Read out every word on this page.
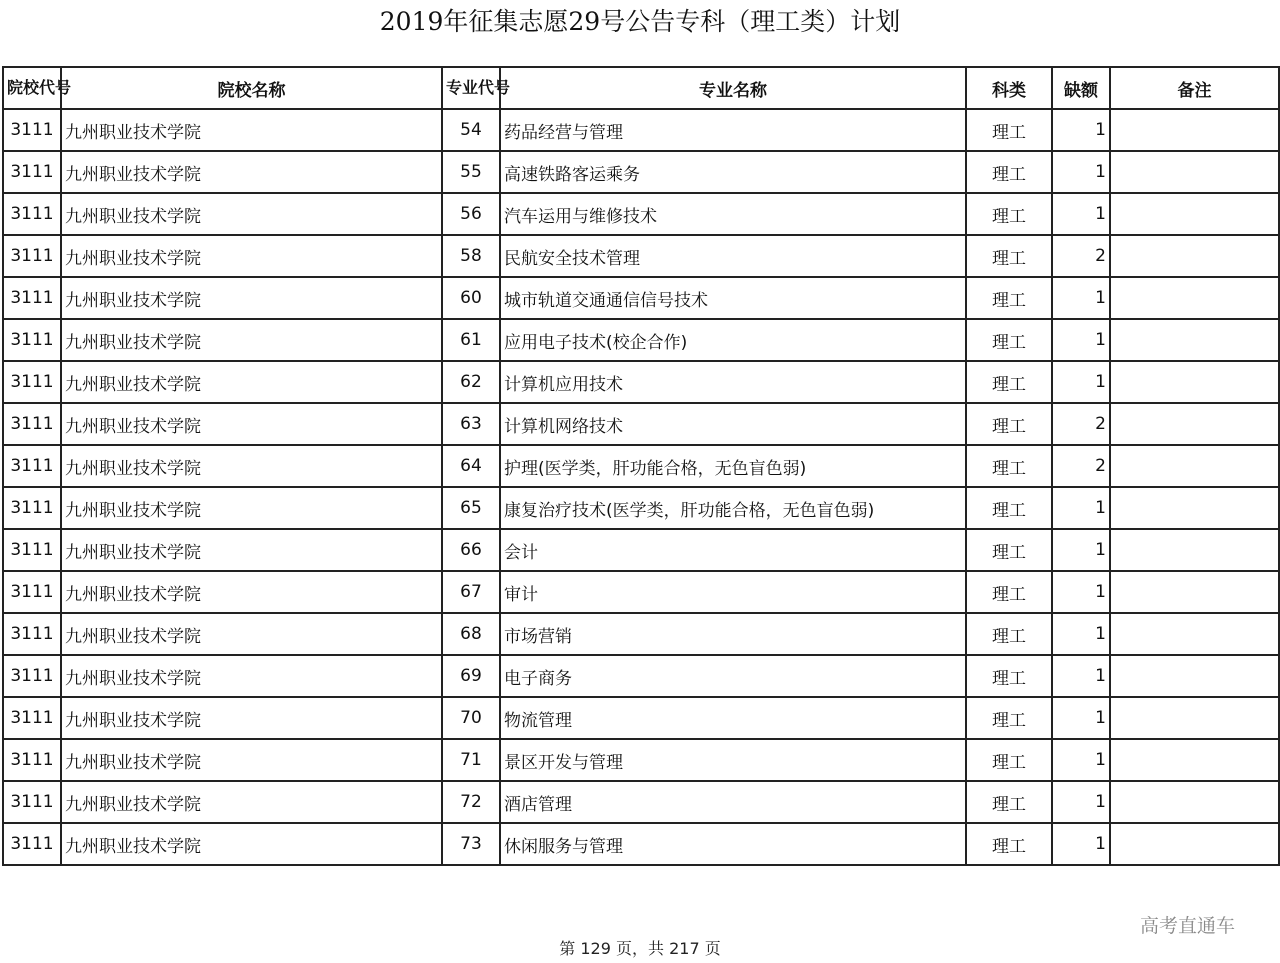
2019年征集志愿29号公告专科（理工类）计划
院校代号	院校名称	专业代号	专业名称	科类	缺额	备注
3111	九州职业技术学院	54	药品经营与管理	理工	1	
3111	九州职业技术学院	55	高速铁路客运乘务	理工	1	
3111	九州职业技术学院	56	汽车运用与维修技术	理工	1	
3111	九州职业技术学院	58	民航安全技术管理	理工	2	
3111	九州职业技术学院	60	城市轨道交通通信信号技术	理工	1	
3111	九州职业技术学院	61	应用电子技术(校企合作)	理工	1	
3111	九州职业技术学院	62	计算机应用技术	理工	1	
3111	九州职业技术学院	63	计算机网络技术	理工	2	
3111	九州职业技术学院	64	护理(医学类，肝功能合格，无色盲色弱)	理工	2	
3111	九州职业技术学院	65	康复治疗技术(医学类，肝功能合格，无色盲色弱)	理工	1	
3111	九州职业技术学院	66	会计	理工	1	
3111	九州职业技术学院	67	审计	理工	1	
3111	九州职业技术学院	68	市场营销	理工	1	
3111	九州职业技术学院	69	电子商务	理工	1	
3111	九州职业技术学院	70	物流管理	理工	1	
3111	九州职业技术学院	71	景区开发与管理	理工	1	
3111	九州职业技术学院	72	酒店管理	理工	1	
3111	九州职业技术学院	73	休闲服务与管理	理工	1	
高考直通车
第 129 页，共 217 页
